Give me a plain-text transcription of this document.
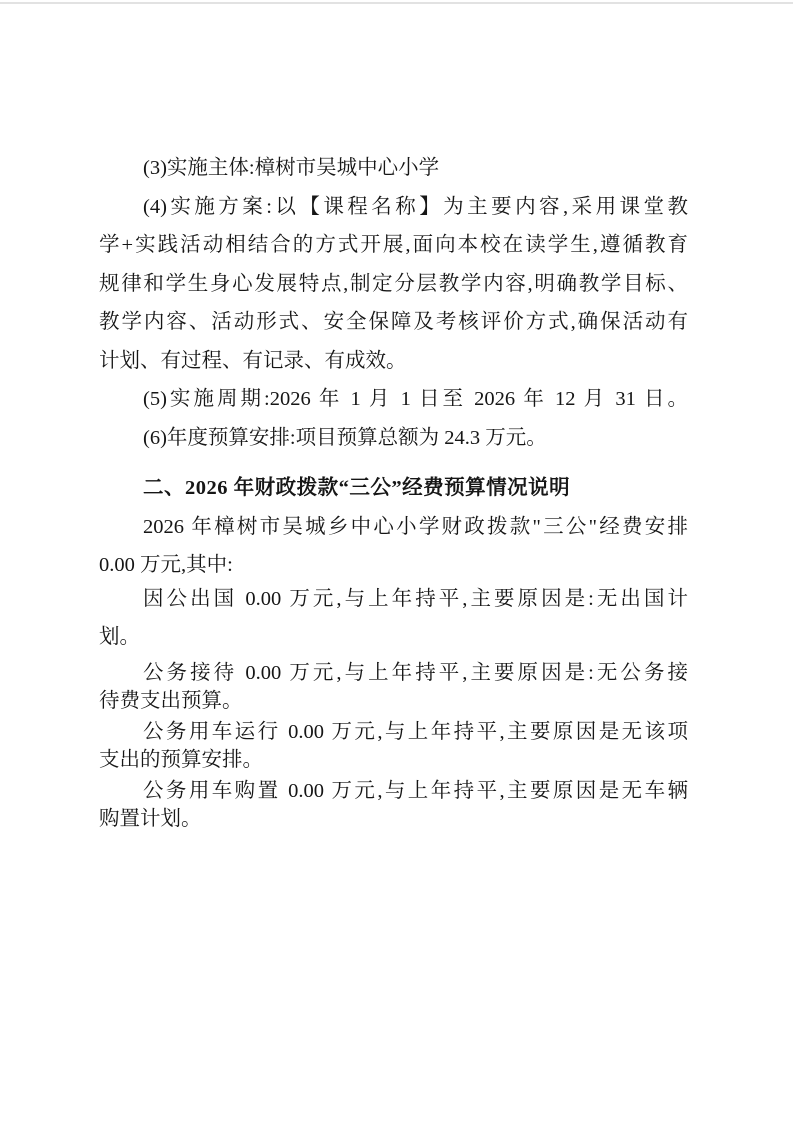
(3)实施主体:樟树市吴城中心小学
(4)实施方案:以【课程名称】为主要内容,采用课堂教
学+实践活动相结合的方式开展,面向本校在读学生,遵循教育
规律和学生身心发展特点,制定分层教学内容,明确教学目标、
教学内容、活动形式、安全保障及考核评价方式,确保活动有
计划、有过程、有记录、有成效。
(5)实施周期:2026 年 1 月 1 日至 2026 年 12 月 31 日。
(6)年度预算安排:项目预算总额为 24.3 万元。
二、2026 年财政拨款“三公”经费预算情况说明
2026 年樟树市吴城乡中心小学财政拨款"三公"经费安排
0.00 万元,其中:
因公出国 0.00 万元,与上年持平,主要原因是:无出国计
划。
公务接待 0.00 万元,与上年持平,主要原因是:无公务接
待费支出预算。
公务用车运行 0.00 万元,与上年持平,主要原因是无该项
支出的预算安排。
公务用车购置 0.00 万元,与上年持平,主要原因是无车辆
购置计划。
